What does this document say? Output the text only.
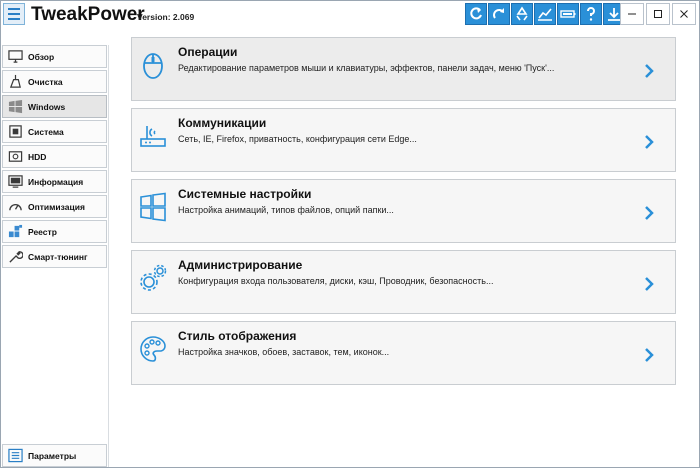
TweakPower
Version: 2.069
Обзор
Очистка
Windows
Система
HDD
Информация
Оптимизация
Реестр
Смарт-тюнинг
Параметры
Операции
Редактирование параметров мыши и клавиатуры, эффектов, панели задач, меню 'Пуск'...
Коммуникации
Сеть, IE, Firefox, приватность, конфигурация сети Edge...
Системные настройки
Настройка анимаций, типов файлов, опций папки...
Администрирование
Конфигурация входа пользователя, диски, кэш, Проводник, безопасность...
Стиль отображения
Настройка значков, обоев, заставок, тем, иконок...
